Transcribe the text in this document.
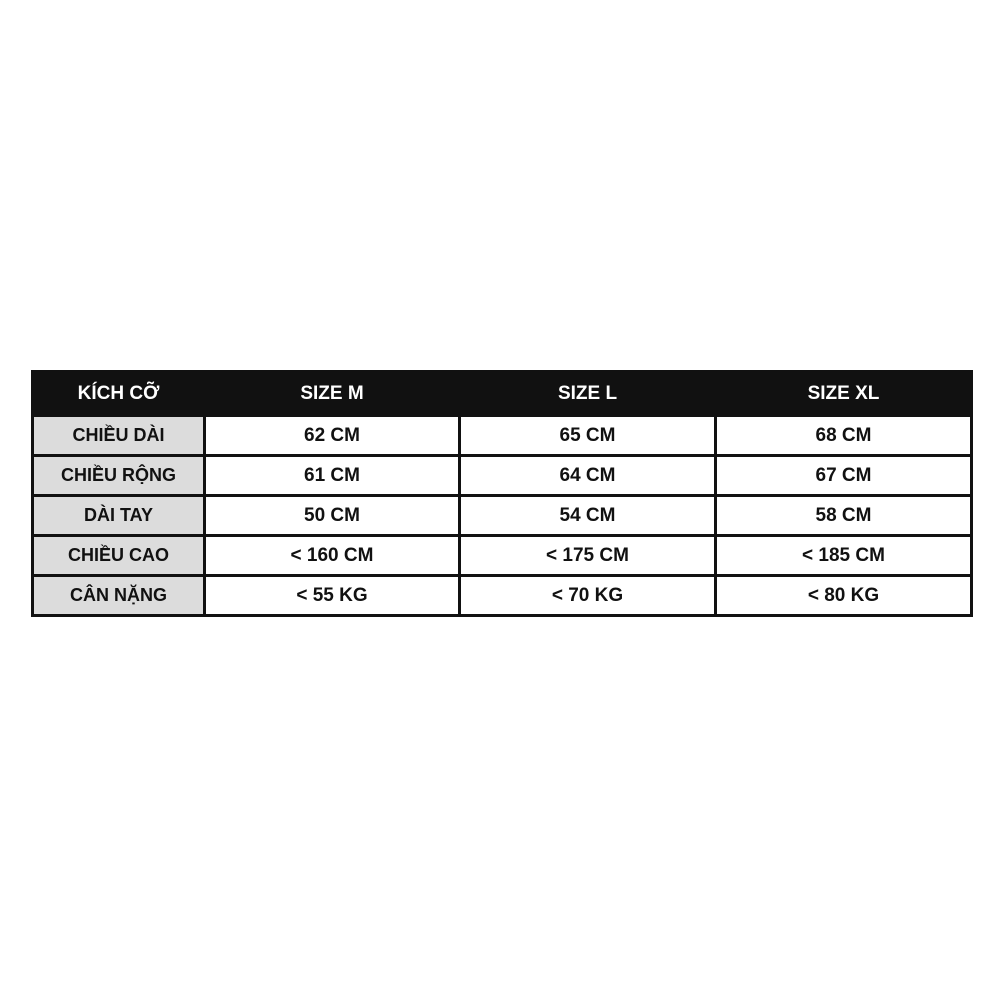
KÍCH CỠ	SIZE M	SIZE L	SIZE XL
CHIỀU DÀI	62 CM	65 CM	68 CM
CHIỀU RỘNG	61 CM	64 CM	67 CM
DÀI TAY	50 CM	54 CM	58 CM
CHIỀU CAO	< 160 CM	< 175 CM	< 185 CM
CÂN NẶNG	< 55 KG	< 70 KG	< 80 KG
